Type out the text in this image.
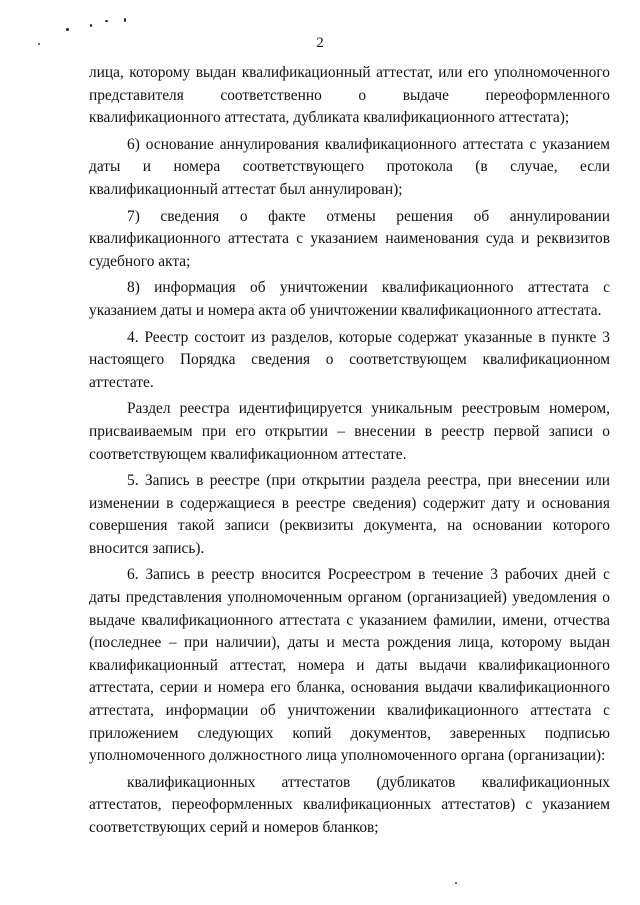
2

лица, которому выдан квалификационный аттестат, или его уполномоченного представителя соответственно о выдаче переоформленного квалификационного аттестата, дубликата квалификационного аттестата);

6) основание аннулирования квалификационного аттестата с указанием даты и номера соответствующего протокола (в случае, если квалификационный аттестат был аннулирован);

7) сведения о факте отмены решения об аннулировании квалификационного аттестата с указанием наименования суда и реквизитов судебного акта;

8) информация об уничтожении квалификационного аттестата с указанием даты и номера акта об уничтожении квалификационного аттестата.

4. Реестр состоит из разделов, которые содержат указанные в пункте 3 настоящего Порядка сведения о соответствующем квалификационном аттестате.

Раздел реестра идентифицируется уникальным реестровым номером, присваиваемым при его открытии – внесении в реестр первой записи о соответствующем квалификационном аттестате.

5. Запись в реестре (при открытии раздела реестра, при внесении или изменении в содержащиеся в реестре сведения) содержит дату и основания совершения такой записи (реквизиты документа, на основании которого вносится запись).

6. Запись в реестр вносится Росреестром в течение 3 рабочих дней с даты представления уполномоченным органом (организацией) уведомления о выдаче квалификационного аттестата с указанием фамилии, имени, отчества (последнее – при наличии), даты и места рождения лица, которому выдан квалификационный аттестат, номера и даты выдачи квалификационного аттестата, серии и номера его бланка, основания выдачи квалификационного аттестата, информации об уничтожении квалификационного аттестата с приложением следующих копий документов, заверенных подписью уполномоченного должностного лица уполномоченного органа (организации):

квалификационных аттестатов (дубликатов квалификационных аттестатов, переоформленных квалификационных аттестатов) с указанием соответствующих серий и номеров бланков;
